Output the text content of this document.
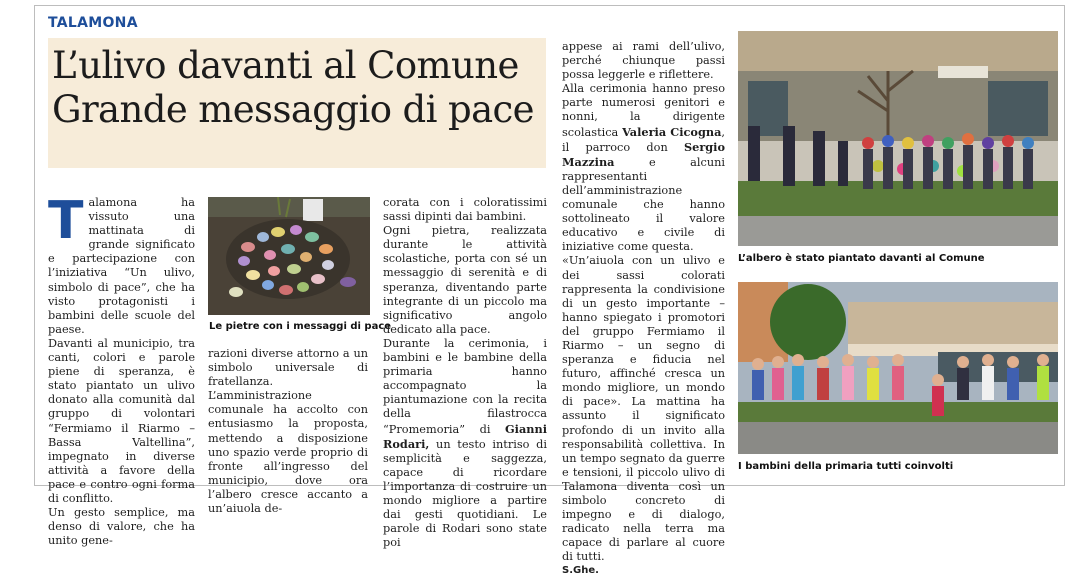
TALAMONA
L’ulivo davanti al Comune
Grande messaggio di pace

Talamona ha vissuto una mattinata di grande significato e partecipazione con l’iniziativa “Un ulivo, simbolo di pace”, che ha visto protagonisti i bambini delle scuole del paese.

Davanti al municipio, tra canti, colori e parole piene di speranza, è stato piantato un ulivo donato alla comunità dal gruppo di volontari “Fermiamo il Riarmo – Bassa Valtellina”, impegnato in diverse attività a favore della pace e contro ogni forma di conflitto.

Un gesto semplice, ma denso di valore, che ha unito gene-

Le pietre con i messaggi di pace

razioni diverse attorno a un simbolo universale di fratellanza. L’amministrazione comunale ha accolto con entusiasmo la proposta, mettendo a disposizione uno spazio verde proprio di fronte all’ingresso del municipio, dove ora l’albero cresce accanto a un’aiuola de-

corata con i coloratissimi sassi dipinti dai bambini.

Ogni pietra, realizzata durante le attività scolastiche, porta con sé un messaggio di serenità e di speranza, diventando parte integrante di un piccolo ma significativo angolo dedicato alla pace.

Durante la cerimonia, i bambini e le bambine della primaria hanno accompagnato la piantumazione con la recita della filastrocca “Promemoria” di Gianni Rodari, un testo intriso di semplicità e saggezza, capace di ricordare l’importanza di costruire un mondo migliore a partire dai gesti quotidiani. Le parole di Rodari sono state poi

appese ai rami dell’ulivo, perché chiunque passi possa leggerle e riflettere.

Alla cerimonia hanno preso parte numerosi genitori e nonni, la dirigente scolastica Valeria Cicogna, il parroco don Sergio Mazzina e alcuni rappresentanti dell’amministrazione comunale che hanno sottolineato il valore educativo e civile di iniziative come questa.

«Un’aiuola con un ulivo e dei sassi colorati rappresenta la condivisione di un gesto importante – hanno spiegato i promotori del gruppo Fermiamo il Riarmo – un segno di speranza e fiducia nel futuro, affinché cresca un mondo migliore, un mondo di pace». La mattina ha assunto il significato profondo di un invito alla responsabilità collettiva. In un tempo segnato da guerre e tensioni, il piccolo ulivo di Talamona diventa così un simbolo concreto di impegno e di dialogo, radicato nella terra ma capace di parlare al cuore di tutti.

S.Ghe.

L’albero è stato piantato davanti al Comune
I bambini della primaria tutti coinvolti
